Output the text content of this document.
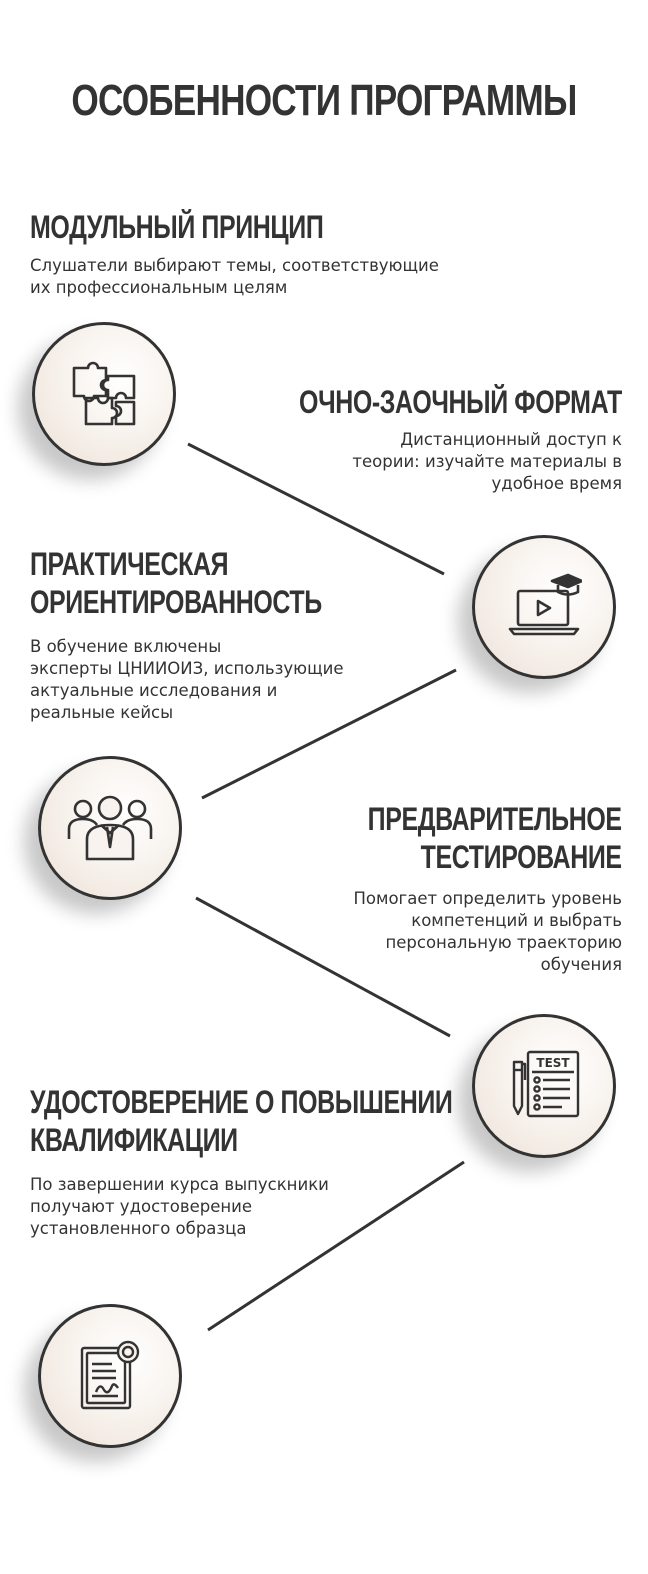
ОСОБЕННОСТИ ПРОГРАММЫ
МОДУЛЬНЫЙ ПРИНЦИП
Слушатели выбирают темы, соответствующие
их профессиональным целям
ОЧНО-ЗАОЧНЫЙ ФОРМАТ
Дистанционный доступ к
теории: изучайте материалы в
удобное время
ПРАКТИЧЕСКАЯ
ОРИЕНТИРОВАННОСТЬ
В обучение включены
эксперты ЦНИИОИЗ, использующие
актуальные исследования и
реальные кейсы
ПРЕДВАРИТЕЛЬНОЕ
ТЕСТИРОВАНИЕ
Помогает определить уровень
компетенций и выбрать
персональную траекторию
обучения
TEST
УДОСТОВЕРЕНИЕ О ПОВЫШЕНИИ
КВАЛИФИКАЦИИ
По завершении курса выпускники
получают удостоверение
установленного образца
